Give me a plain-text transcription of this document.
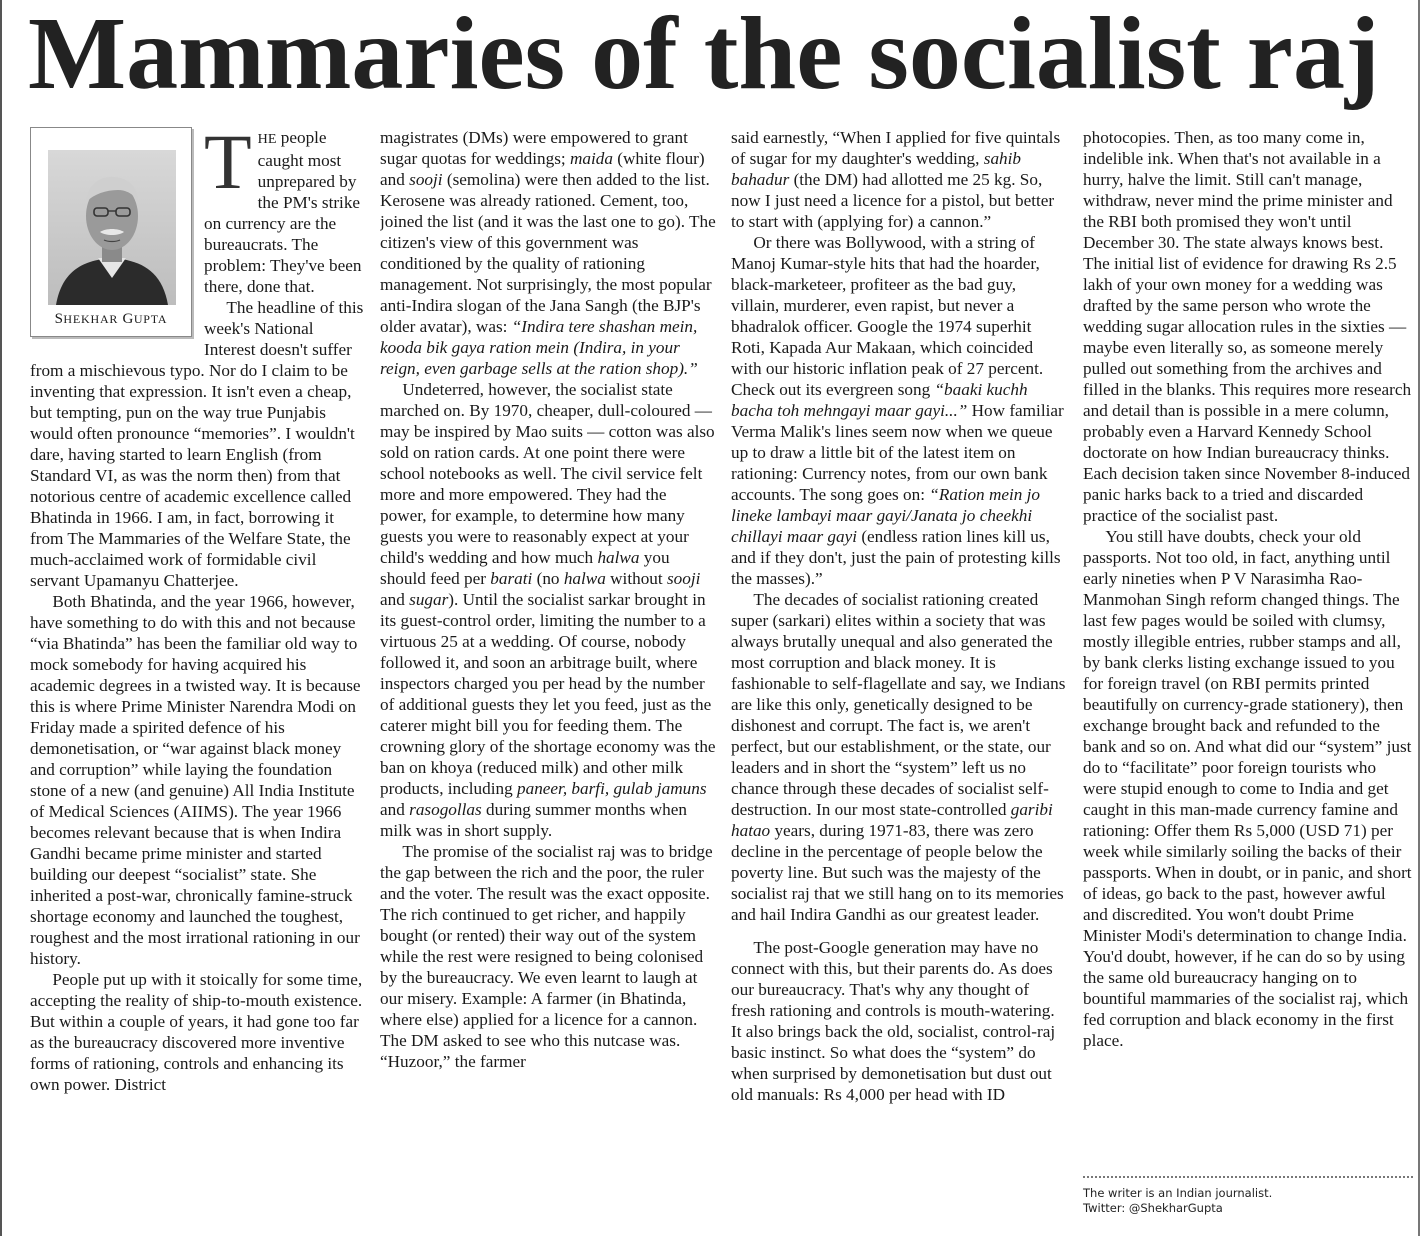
Mammaries of the socialist raj
SHEKHAR GUPTA

THE people caught most unprepared by the PM's strike on currency are the bureaucrats. The problem: They've been there, done that.

The headline of this week's National Interest doesn't suffer from a mischievous typo. Nor do I claim to be inventing that expression. It isn't even a cheap, but tempting, pun on the way true Punjabis would often pronounce “memories”. I wouldn't dare, having started to learn English (from Standard VI, as was the norm then) from that notorious centre of academic excellence called Bhatinda in 1966. I am, in fact, borrowing it from The Mammaries of the Welfare State, the much-acclaimed work of formidable civil servant Upamanyu Chatterjee.

Both Bhatinda, and the year 1966, however, have something to do with this and not because “via Bhatinda” has been the familiar old way to mock somebody for having acquired his academic degrees in a twisted way. It is because this is where Prime Minister Narendra Modi on Friday made a spirited defence of his demonetisation, or “war against black money and corruption” while laying the foundation stone of a new (and genuine) All India Institute of Medical Sciences (AIIMS). The year 1966 becomes relevant because that is when Indira Gandhi became prime minister and started building our deepest “socialist” state. She inherited a post-war, chronically famine-struck shortage economy and launched the toughest, roughest and the most irrational rationing in our history.

People put up with it stoically for some time, accepting the reality of ship-to-mouth existence. But within a couple of years, it had gone too far as the bureaucracy discovered more inventive forms of rationing, controls and enhancing its own power. District

magistrates (DMs) were empowered to grant sugar quotas for weddings; maida (white flour) and sooji (semolina) were then added to the list. Kerosene was already rationed. Cement, too, joined the list (and it was the last one to go). The citizen's view of this government was conditioned by the quality of rationing management. Not surprisingly, the most popular anti-Indira slogan of the Jana Sangh (the BJP's older avatar), was: “Indira tere shashan mein, kooda bik gaya ration mein (Indira, in your reign, even garbage sells at the ration shop).”

Undeterred, however, the socialist state marched on. By 1970, cheaper, dull-coloured — may be inspired by Mao suits — cotton was also sold on ration cards. At one point there were school notebooks as well. The civil service felt more and more empowered. They had the power, for example, to determine how many guests you were to reasonably expect at your child's wedding and how much halwa you should feed per barati (no halwa without sooji and sugar). Until the socialist sarkar brought in its guest-control order, limiting the number to a virtuous 25 at a wedding. Of course, nobody followed it, and soon an arbitrage built, where inspectors charged you per head by the number of additional guests they let you feed, just as the caterer might bill you for feeding them. The crowning glory of the shortage economy was the ban on khoya (reduced milk) and other milk products, including paneer, barfi, gulab jamuns and rasogollas during summer months when milk was in short supply.

The promise of the socialist raj was to bridge the gap between the rich and the poor, the ruler and the voter. The result was the exact opposite. The rich continued to get richer, and happily bought (or rented) their way out of the system while the rest were resigned to being colonised by the bureaucracy. We even learnt to laugh at our misery. Example: A farmer (in Bhatinda, where else) applied for a licence for a cannon. The DM asked to see who this nutcase was. “Huzoor,” the farmer

said earnestly, “When I applied for five quintals of sugar for my daughter's wedding, sahib bahadur (the DM) had allotted me 25 kg. So, now I just need a licence for a pistol, but better to start with (applying for) a cannon.”

Or there was Bollywood, with a string of Manoj Kumar-style hits that had the hoarder, black-marketeer, profiteer as the bad guy, villain, murderer, even rapist, but never a bhadralok officer. Google the 1974 superhit Roti, Kapada Aur Makaan, which coincided with our historic inflation peak of 27 percent. Check out its evergreen song “baaki kuchh bacha toh mehngayi maar gayi...” How familiar Verma Malik's lines seem now when we queue up to draw a little bit of the latest item on rationing: Currency notes, from our own bank accounts. The song goes on: “Ration mein jo lineke lambayi maar gayi/Janata jo cheekhi chillayi maar gayi (endless ration lines kill us, and if they don't, just the pain of protesting kills the masses).”

The decades of socialist rationing created super (sarkari) elites within a society that was always brutally unequal and also generated the most corruption and black money. It is fashionable to self-flagellate and say, we Indians are like this only, genetically designed to be dishonest and corrupt. The fact is, we aren't perfect, but our establishment, or the state, our leaders and in short the “system” left us no chance through these decades of socialist self-destruction. In our most state-controlled garibi hatao years, during 1971-83, there was zero decline in the percentage of people below the poverty line. But such was the majesty of the socialist raj that we still hang on to its memories and hail Indira Gandhi as our greatest leader.

The post-Google generation may have no connect with this, but their parents do. As does our bureaucracy. That's why any thought of fresh rationing and controls is mouth-watering. It also brings back the old, socialist, control-raj basic instinct. So what does the “system” do when surprised by demonetisation but dust out old manuals: Rs 4,000 per head with ID

photocopies. Then, as too many come in, indelible ink. When that's not available in a hurry, halve the limit. Still can't manage, withdraw, never mind the prime minister and the RBI both promised they won't until December 30. The state always knows best. The initial list of evidence for drawing Rs 2.5 lakh of your own money for a wedding was drafted by the same person who wrote the wedding sugar allocation rules in the sixties — maybe even literally so, as someone merely pulled out something from the archives and filled in the blanks. This requires more research and detail than is possible in a mere column, probably even a Harvard Kennedy School doctorate on how Indian bureaucracy thinks. Each decision taken since November 8-induced panic harks back to a tried and discarded practice of the socialist past.

You still have doubts, check your old passports. Not too old, in fact, anything until early nineties when P V Narasimha Rao-Manmohan Singh reform changed things. The last few pages would be soiled with clumsy, mostly illegible entries, rubber stamps and all, by bank clerks listing exchange issued to you for foreign travel (on RBI permits printed beautifully on currency-grade stationery), then exchange brought back and refunded to the bank and so on. And what did our “system” just do to “facilitate” poor foreign tourists who were stupid enough to come to India and get caught in this man-made currency famine and rationing: Offer them Rs 5,000 (USD 71) per week while similarly soiling the backs of their passports. When in doubt, or in panic, and short of ideas, go back to the past, however awful and discredited. You won't doubt Prime Minister Modi's determination to change India. You'd doubt, however, if he can do so by using the same old bureaucracy hanging on to bountiful mammaries of the socialist raj, which fed corruption and black economy in the first place.

The writer is an Indian journalist.
Twitter: @ShekharGupta
